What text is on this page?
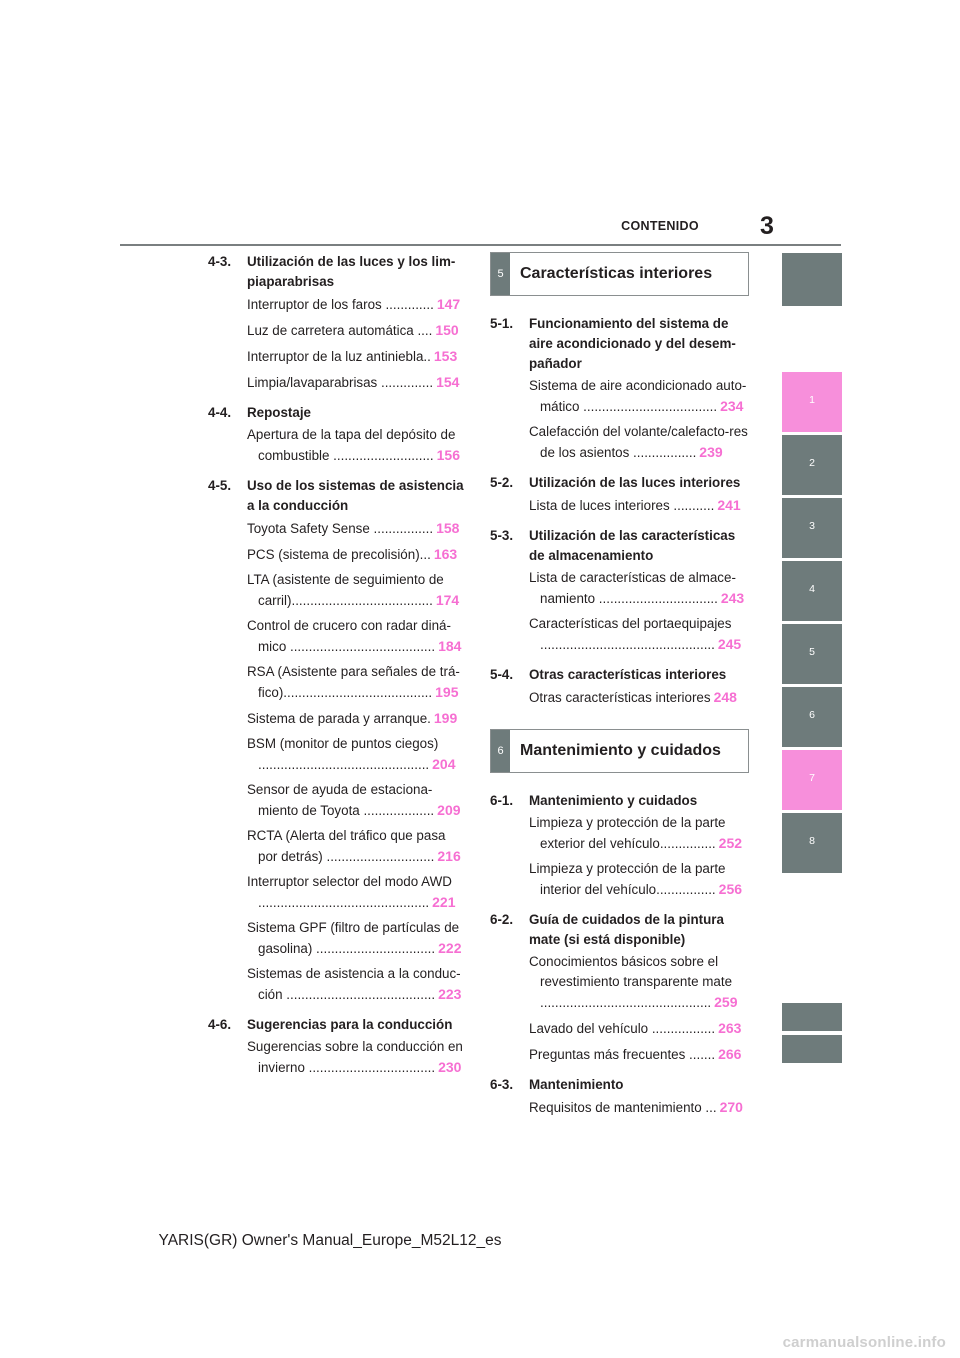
CONTENIDO	3
1
2
3
4
5
6
7
8
4-3.	Utilización de las luces y los lim-piaparabrisas
Interruptor de los faros ............. 147
Luz de carretera automática .... 150
Interruptor de la luz antiniebla.. 153
Limpia/lavaparabrisas .............. 154
4-4.	Repostaje
Apertura de la tapa del depósito de combustible ........................... 156
4-5.	Uso de los sistemas de asistencia a la conducción
Toyota Safety Sense ................ 158
PCS (sistema de precolisión)... 163
LTA (asistente de seguimiento de carril)...................................... 174
Control de crucero con radar diná-mico ....................................... 184
RSA (Asistente para señales de trá-fico)........................................ 195
Sistema de parada y arranque. 199
BSM (monitor de puntos ciegos) .............................................. 204
Sensor de ayuda de estaciona-miento de Toyota ................... 209
RCTA (Alerta del tráfico que pasa por detrás) ............................. 216
Interruptor selector del modo AWD .............................................. 221
Sistema GPF (filtro de partículas de gasolina) ................................ 222
Sistemas de asistencia a la conduc-ción ........................................ 223
4-6.	Sugerencias para la conducción
Sugerencias sobre la conducción en invierno .................................. 230
5	Características interiores
5-1.	Funcionamiento del sistema de aire acondicionado y del desem-pañador
Sistema de aire acondicionado auto-mático .................................... 234
Calefacción del volante/calefacto-res de los asientos ................. 239
5-2.	Utilización de las luces interiores
Lista de luces interiores ........... 241
5-3.	Utilización de las características de almacenamiento
Lista de características de almace-namiento ................................ 243
Características del portaequipajes ............................................... 245
5-4.	Otras características interiores
Otras características interiores 248
6	Mantenimiento y cuidados
6-1.	Mantenimiento y cuidados
Limpieza y protección de la parte exterior del vehículo............... 252
Limpieza y protección de la parte interior del vehículo................ 256
6-2.	Guía de cuidados de la pintura mate (si está disponible)
Conocimientos básicos sobre el revestimiento transparente mate .............................................. 259
Lavado del vehículo ................. 263
Preguntas más frecuentes ....... 266
6-3.	Mantenimiento
Requisitos de mantenimiento ... 270
YARIS(GR) Owner's Manual_Europe_M52L12_es
carmanualsonline.info
